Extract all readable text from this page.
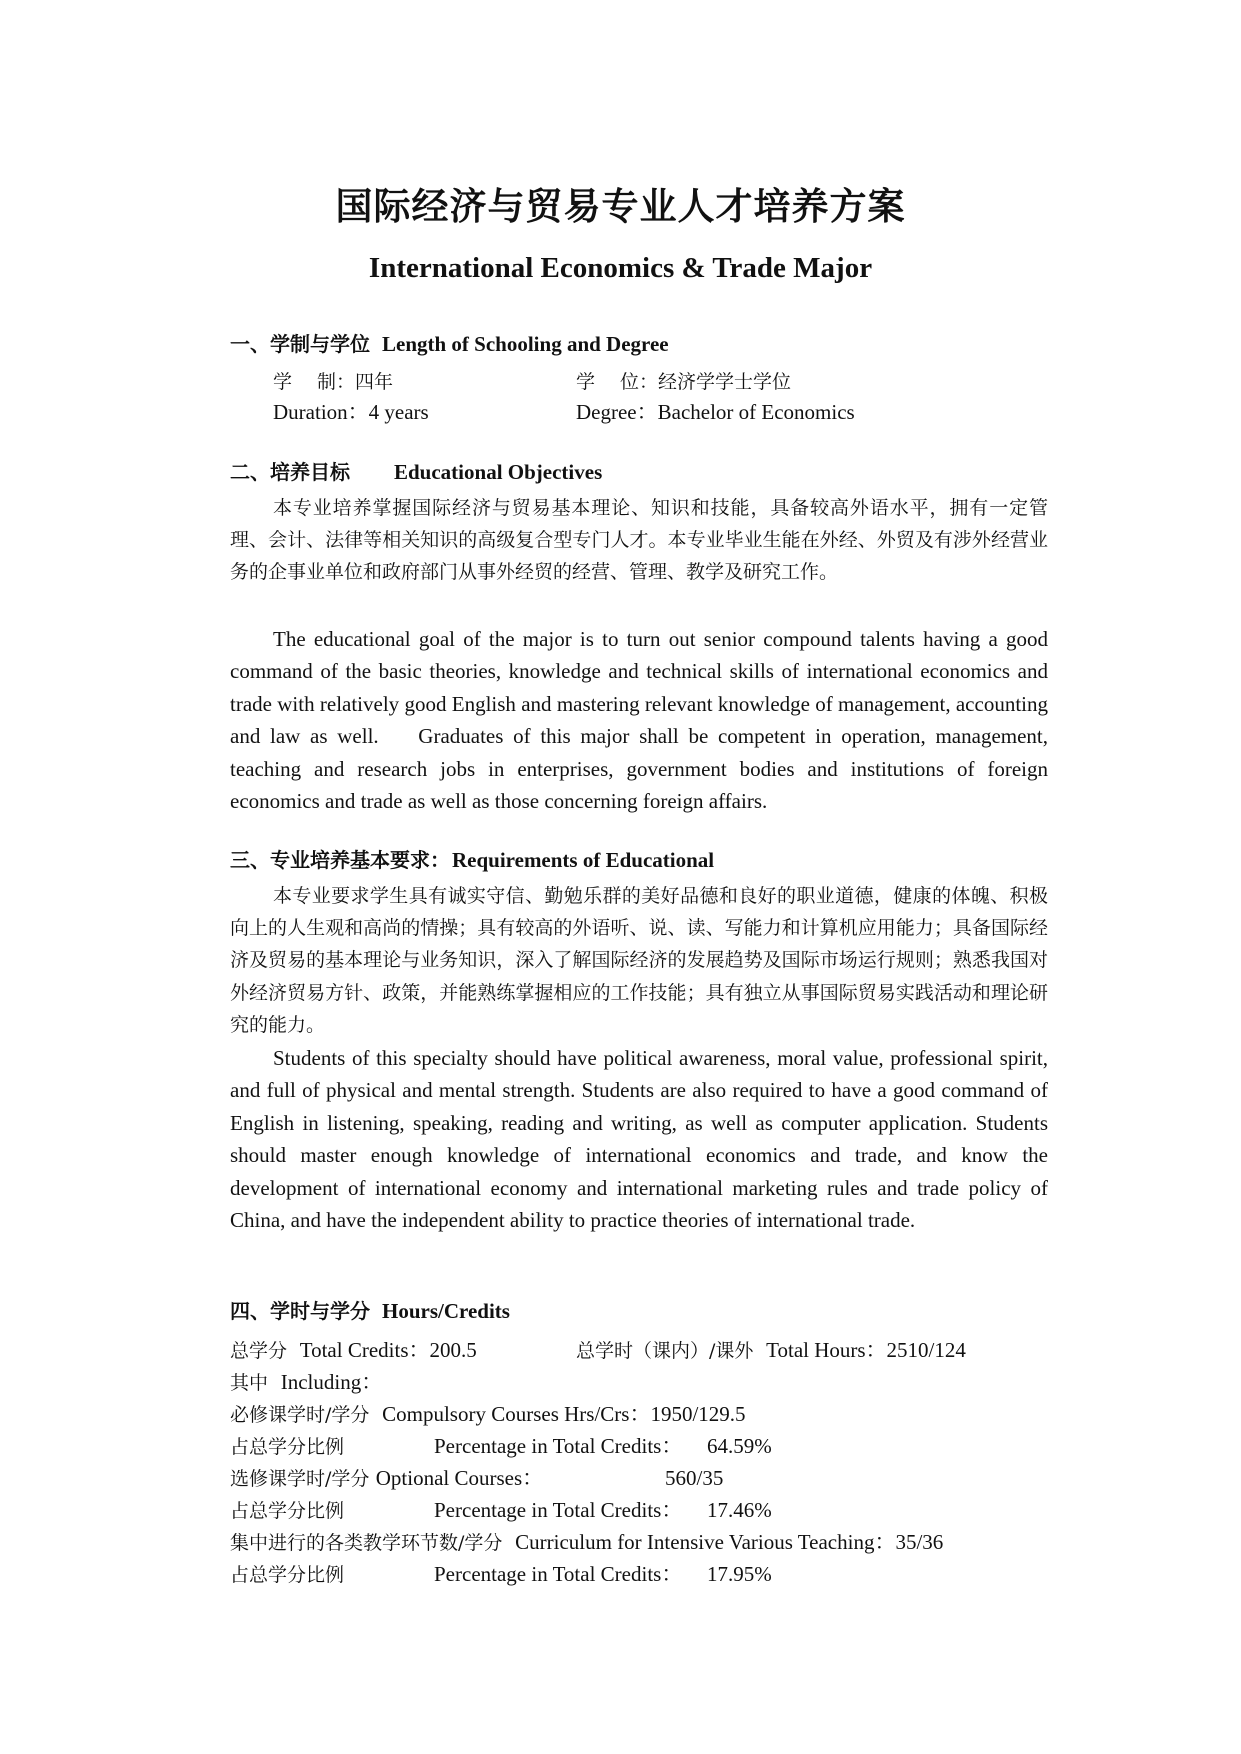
国际经济与贸易专业人才培养方案
International Economics & Trade Major
一、学制与学位 Length of Schooling and Degree
学　 制：四年	学　 位：经济学学士学位
Duration：4 years	Degree：Bachelor of Economics
二、培养目标 Educational Objectives
本专业培养掌握国际经济与贸易基本理论、知识和技能，具备较高外语水平，拥有一定管理、会计、法律等相关知识的高级复合型专门人才。本专业毕业生能在外经、外贸及有涉外经营业务的企事业单位和政府部门从事外经贸的经营、管理、教学及研究工作。
The educational goal of the major is to turn out senior compound talents having a good command of the basic theories, knowledge and technical skills of international economics and trade with relatively good English and mastering relevant knowledge of management, accounting and law as well.　 Graduates of this major shall be competent in operation, management, teaching and research jobs in enterprises, government bodies and institutions of foreign economics and trade as well as those concerning foreign affairs.
三、专业培养基本要求：Requirements of Educational
本专业要求学生具有诚实守信、勤勉乐群的美好品德和良好的职业道德，健康的体魄、积极向上的人生观和高尚的情操；具有较高的外语听、说、读、写能力和计算机应用能力；具备国际经济及贸易的基本理论与业务知识，深入了解国际经济的发展趋势及国际市场运行规则；熟悉我国对外经济贸易方针、政策，并能熟练掌握相应的工作技能；具有独立从事国际贸易实践活动和理论研究的能力。
Students of this specialty should have political awareness, moral value, professional spirit, and full of physical and mental strength. Students are also required to have a good command of English in listening, speaking, reading and writing, as well as computer application. Students should master enough knowledge of international economics and trade, and know the development of international economy and international marketing rules and trade policy of China, and have the independent ability to practice theories of international trade.
四、学时与学分 Hours/Credits
总学分 Total Credits：200.5	总学时（课内）/课外 Total Hours：2510/124
其中 Including：
必修课学时/学分 Compulsory Courses Hrs/Crs：1950/129.5
占总学分比例	Percentage in Total Credits： 64.59%
选修课学时/学分 Optional Courses：	560/35
占总学分比例	Percentage in Total Credits： 17.46%
集中进行的各类教学环节数/学分 Curriculum for Intensive Various Teaching：35/36
占总学分比例	Percentage in Total Credits： 17.95%
